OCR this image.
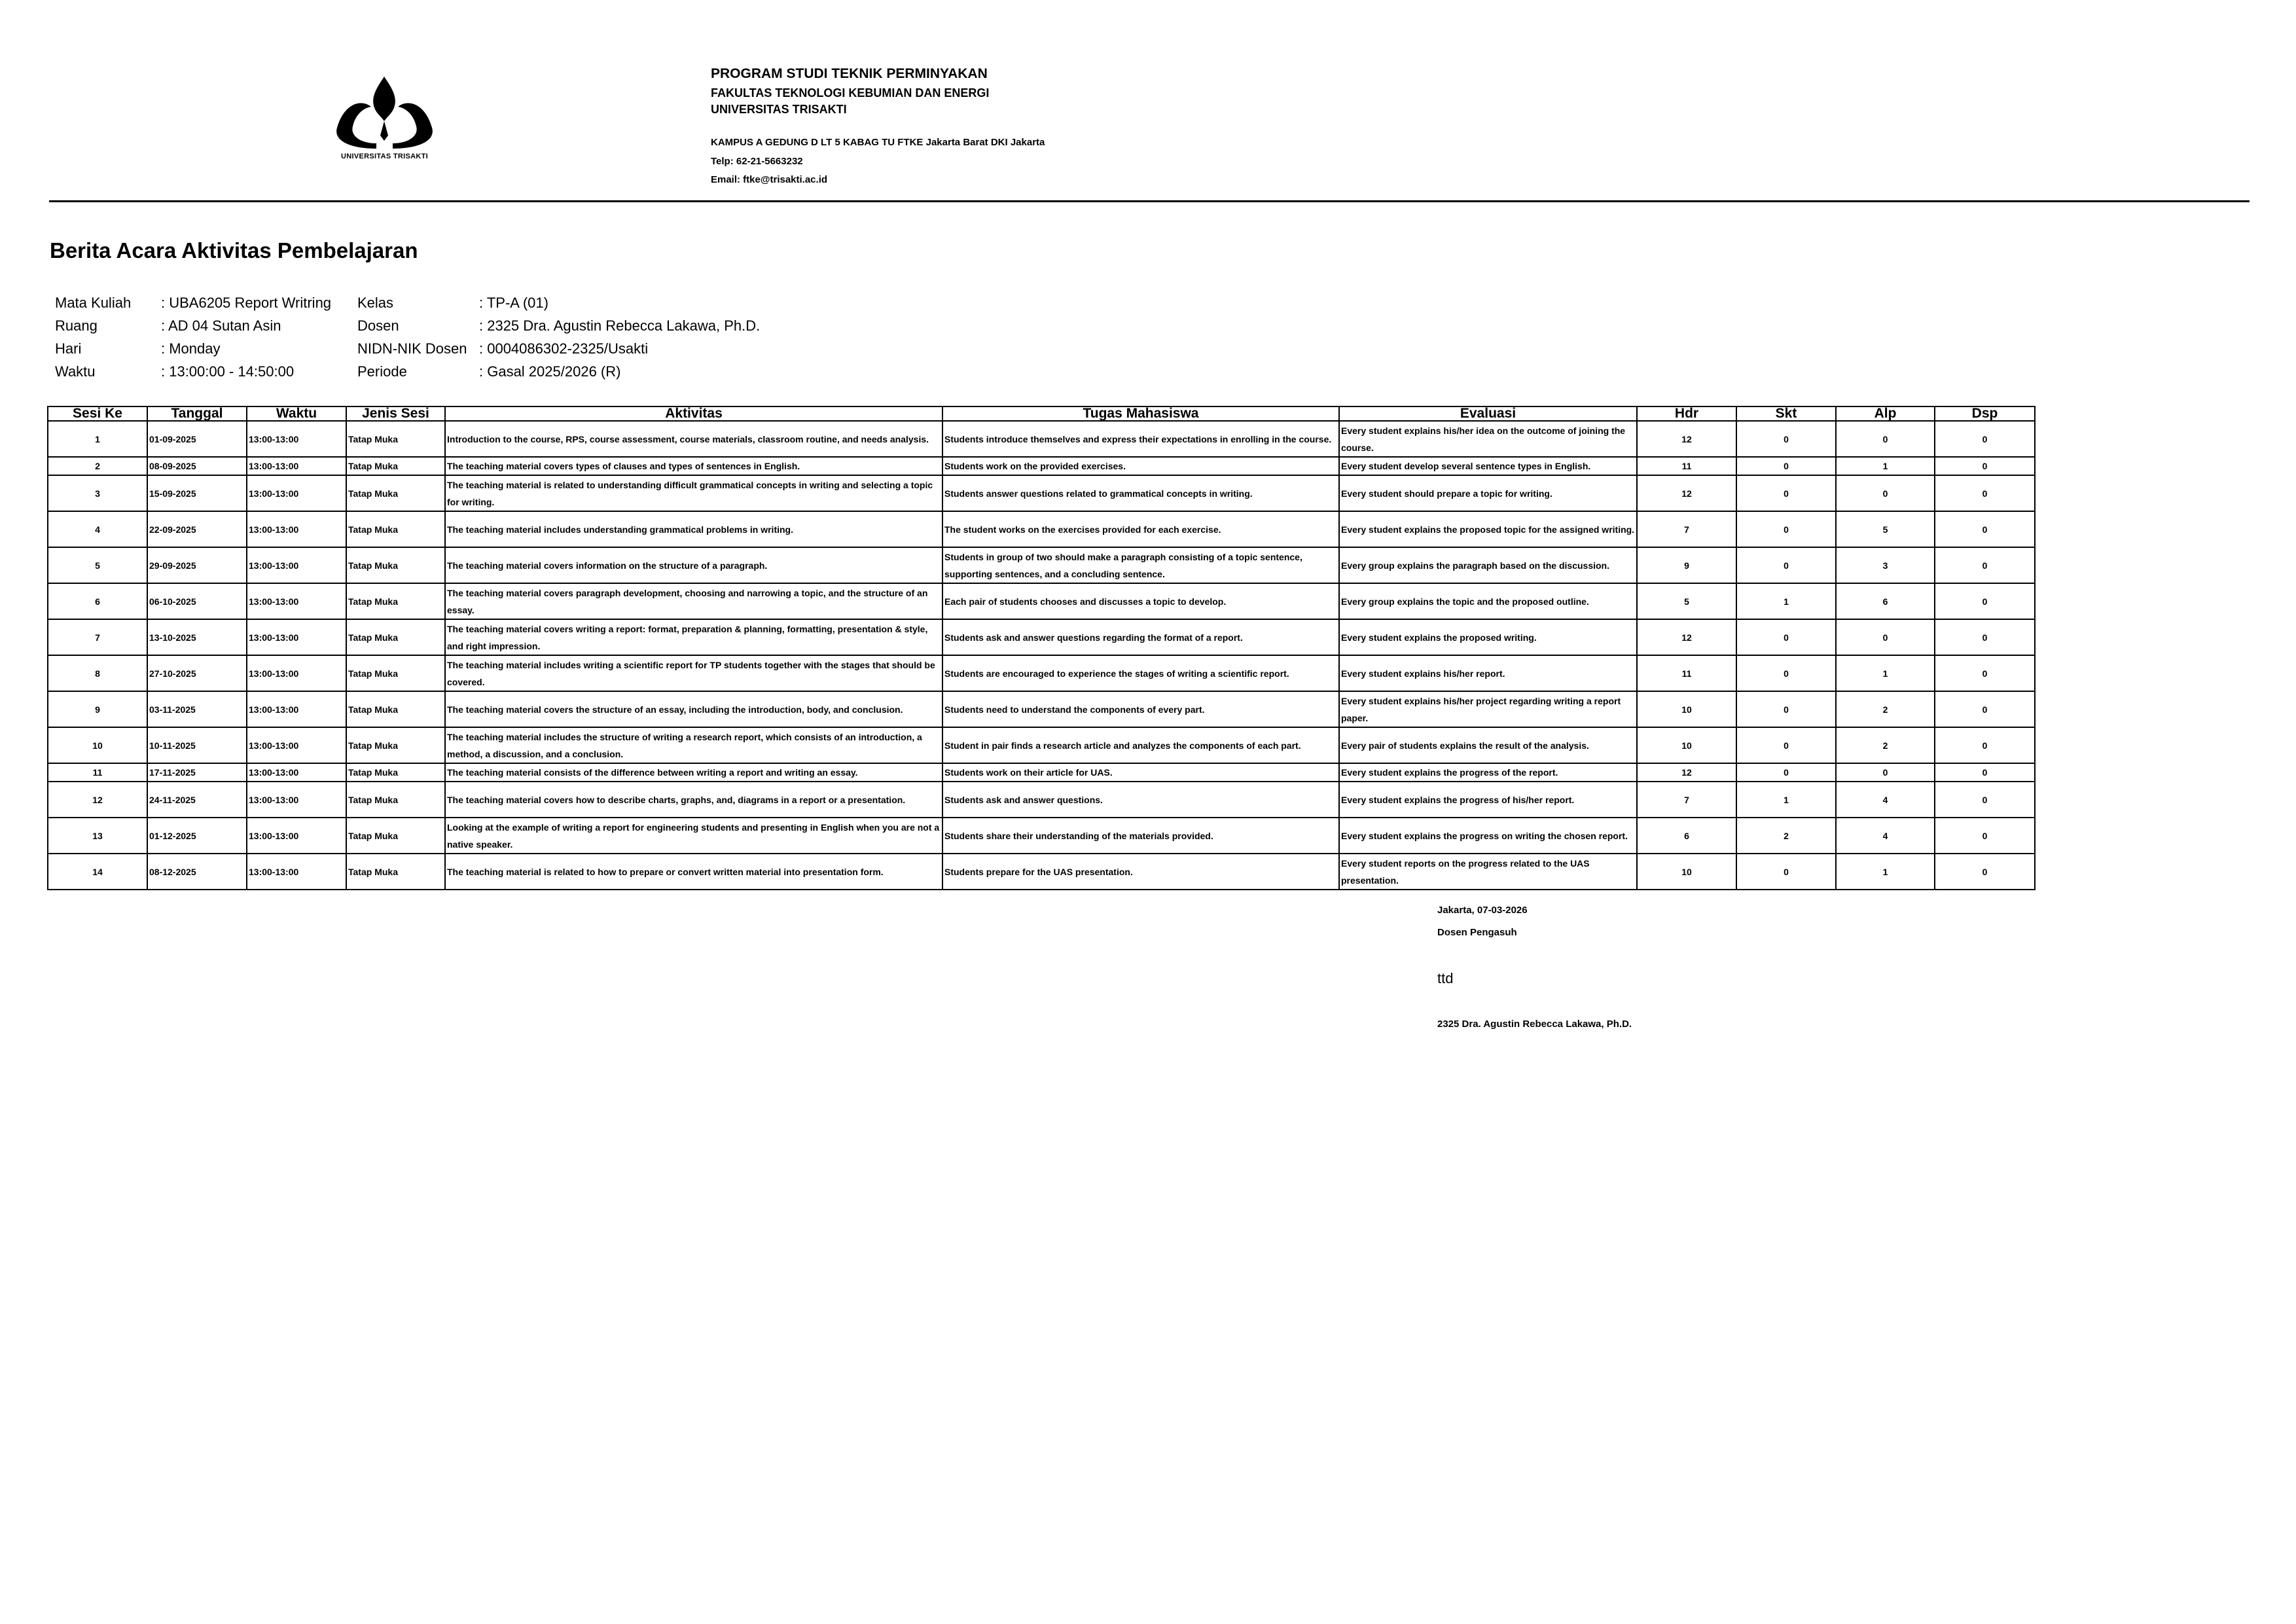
UNIVERSITAS TRISAKTI
PROGRAM STUDI TEKNIK PERMINYAKAN
FAKULTAS TEKNOLOGI KEBUMIAN DAN ENERGI
UNIVERSITAS TRISAKTI
KAMPUS A GEDUNG D LT 5 KABAG TU FTKE Jakarta Barat DKI Jakarta
Telp: 62-21-5663232
Email: ftke@trisakti.ac.id
Berita Acara Aktivitas Pembelajaran
Mata Kuliah : UBA6205 Report Writring
Ruang	: AD 04 Sutan Asin
Hari	: Monday
Waktu	: 13:00:00 - 14:50:00
Kelas	: TP-A (01)
Dosen	: 2325 Dra. Agustin Rebecca Lakawa, Ph.D.
NIDN-NIK Dosen : 0004086302-2325/Usakti
Periode	: Gasal 2025/2026 (R)
Sesi Ke	Tanggal	Waktu	Jenis Sesi	Aktivitas	Tugas Mahasiswa	Evaluasi	Hdr	Skt	Alp	Dsp
1	01-09-2025	13:00-13:00	Tatap Muka	Introduction to the course, RPS, course assessment, course materials, classroom routine, and needs analysis.	Students introduce themselves and express their expectations in enrolling in the course.	Every student explains his/her idea on the outcome of joining the course.	12	0	0	0
2	08-09-2025	13:00-13:00	Tatap Muka	The teaching material covers types of clauses and types of sentences in English.	Students work on the provided exercises.	Every student develop several sentence types in English.	11	0	1	0
3	15-09-2025	13:00-13:00	Tatap Muka	The teaching material is related to understanding difficult grammatical concepts in writing and selecting a topic for writing.	Students answer questions related to grammatical concepts in writing.	Every student should prepare a topic for writing.	12	0	0	0
4	22-09-2025	13:00-13:00	Tatap Muka	The teaching material includes understanding grammatical problems in writing.	The student works on the exercises provided for each exercise.	Every student explains the proposed topic for the assigned writing.	7	0	5	0
5	29-09-2025	13:00-13:00	Tatap Muka	The teaching material covers information on the structure of a paragraph.	Students in group of two should make a paragraph consisting of a topic sentence, supporting sentences, and a concluding sentence.	Every group explains the paragraph based on the discussion.	9	0	3	0
6	06-10-2025	13:00-13:00	Tatap Muka	The teaching material covers paragraph development, choosing and narrowing a topic, and the structure of an essay.	Each pair of students chooses and discusses a topic to develop.	Every group explains the topic and the proposed outline.	5	1	6	0
7	13-10-2025	13:00-13:00	Tatap Muka	The teaching material covers writing a report: format, preparation & planning, formatting, presentation & style, and right impression.	Students ask and answer questions regarding the format of a report.	Every student explains the proposed writing.	12	0	0	0
8	27-10-2025	13:00-13:00	Tatap Muka	The teaching material includes writing a scientific report for TP students together with the stages that should be covered.	Students are encouraged to experience the stages of writing a scientific report.	Every student explains his/her report.	11	0	1	0
9	03-11-2025	13:00-13:00	Tatap Muka	The teaching material covers the structure of an essay, including the introduction, body, and conclusion.	Students need to understand the components of every part.	Every student explains his/her project regarding writing a report paper.	10	0	2	0
10	10-11-2025	13:00-13:00	Tatap Muka	The teaching material includes the structure of writing a research report, which consists of an introduction, a method, a discussion, and a conclusion.	Student in pair finds a research article and analyzes the components of each part.	Every pair of students explains the result of the analysis.	10	0	2	0
11	17-11-2025	13:00-13:00	Tatap Muka	The teaching material consists of the difference between writing a report and writing an essay.	Students work on their article for UAS.	Every student explains the progress of the report.	12	0	0	0
12	24-11-2025	13:00-13:00	Tatap Muka	The teaching material covers how to describe charts, graphs, and, diagrams in a report or a presentation.	Students ask and answer questions.	Every student explains the progress of his/her report.	7	1	4	0
13	01-12-2025	13:00-13:00	Tatap Muka	Looking at the example of writing a report for engineering students and presenting in English when you are not a native speaker.	Students share their understanding of the materials provided.	Every student explains the progress on writing the chosen report.	6	2	4	0
14	08-12-2025	13:00-13:00	Tatap Muka	The teaching material is related to how to prepare or convert written material into presentation form.	Students prepare for the UAS presentation.	Every student reports on the progress related to the UAS presentation.	10	0	1	0
Jakarta, 07-03-2026
Dosen Pengasuh
ttd
2325 Dra. Agustin Rebecca Lakawa, Ph.D.
